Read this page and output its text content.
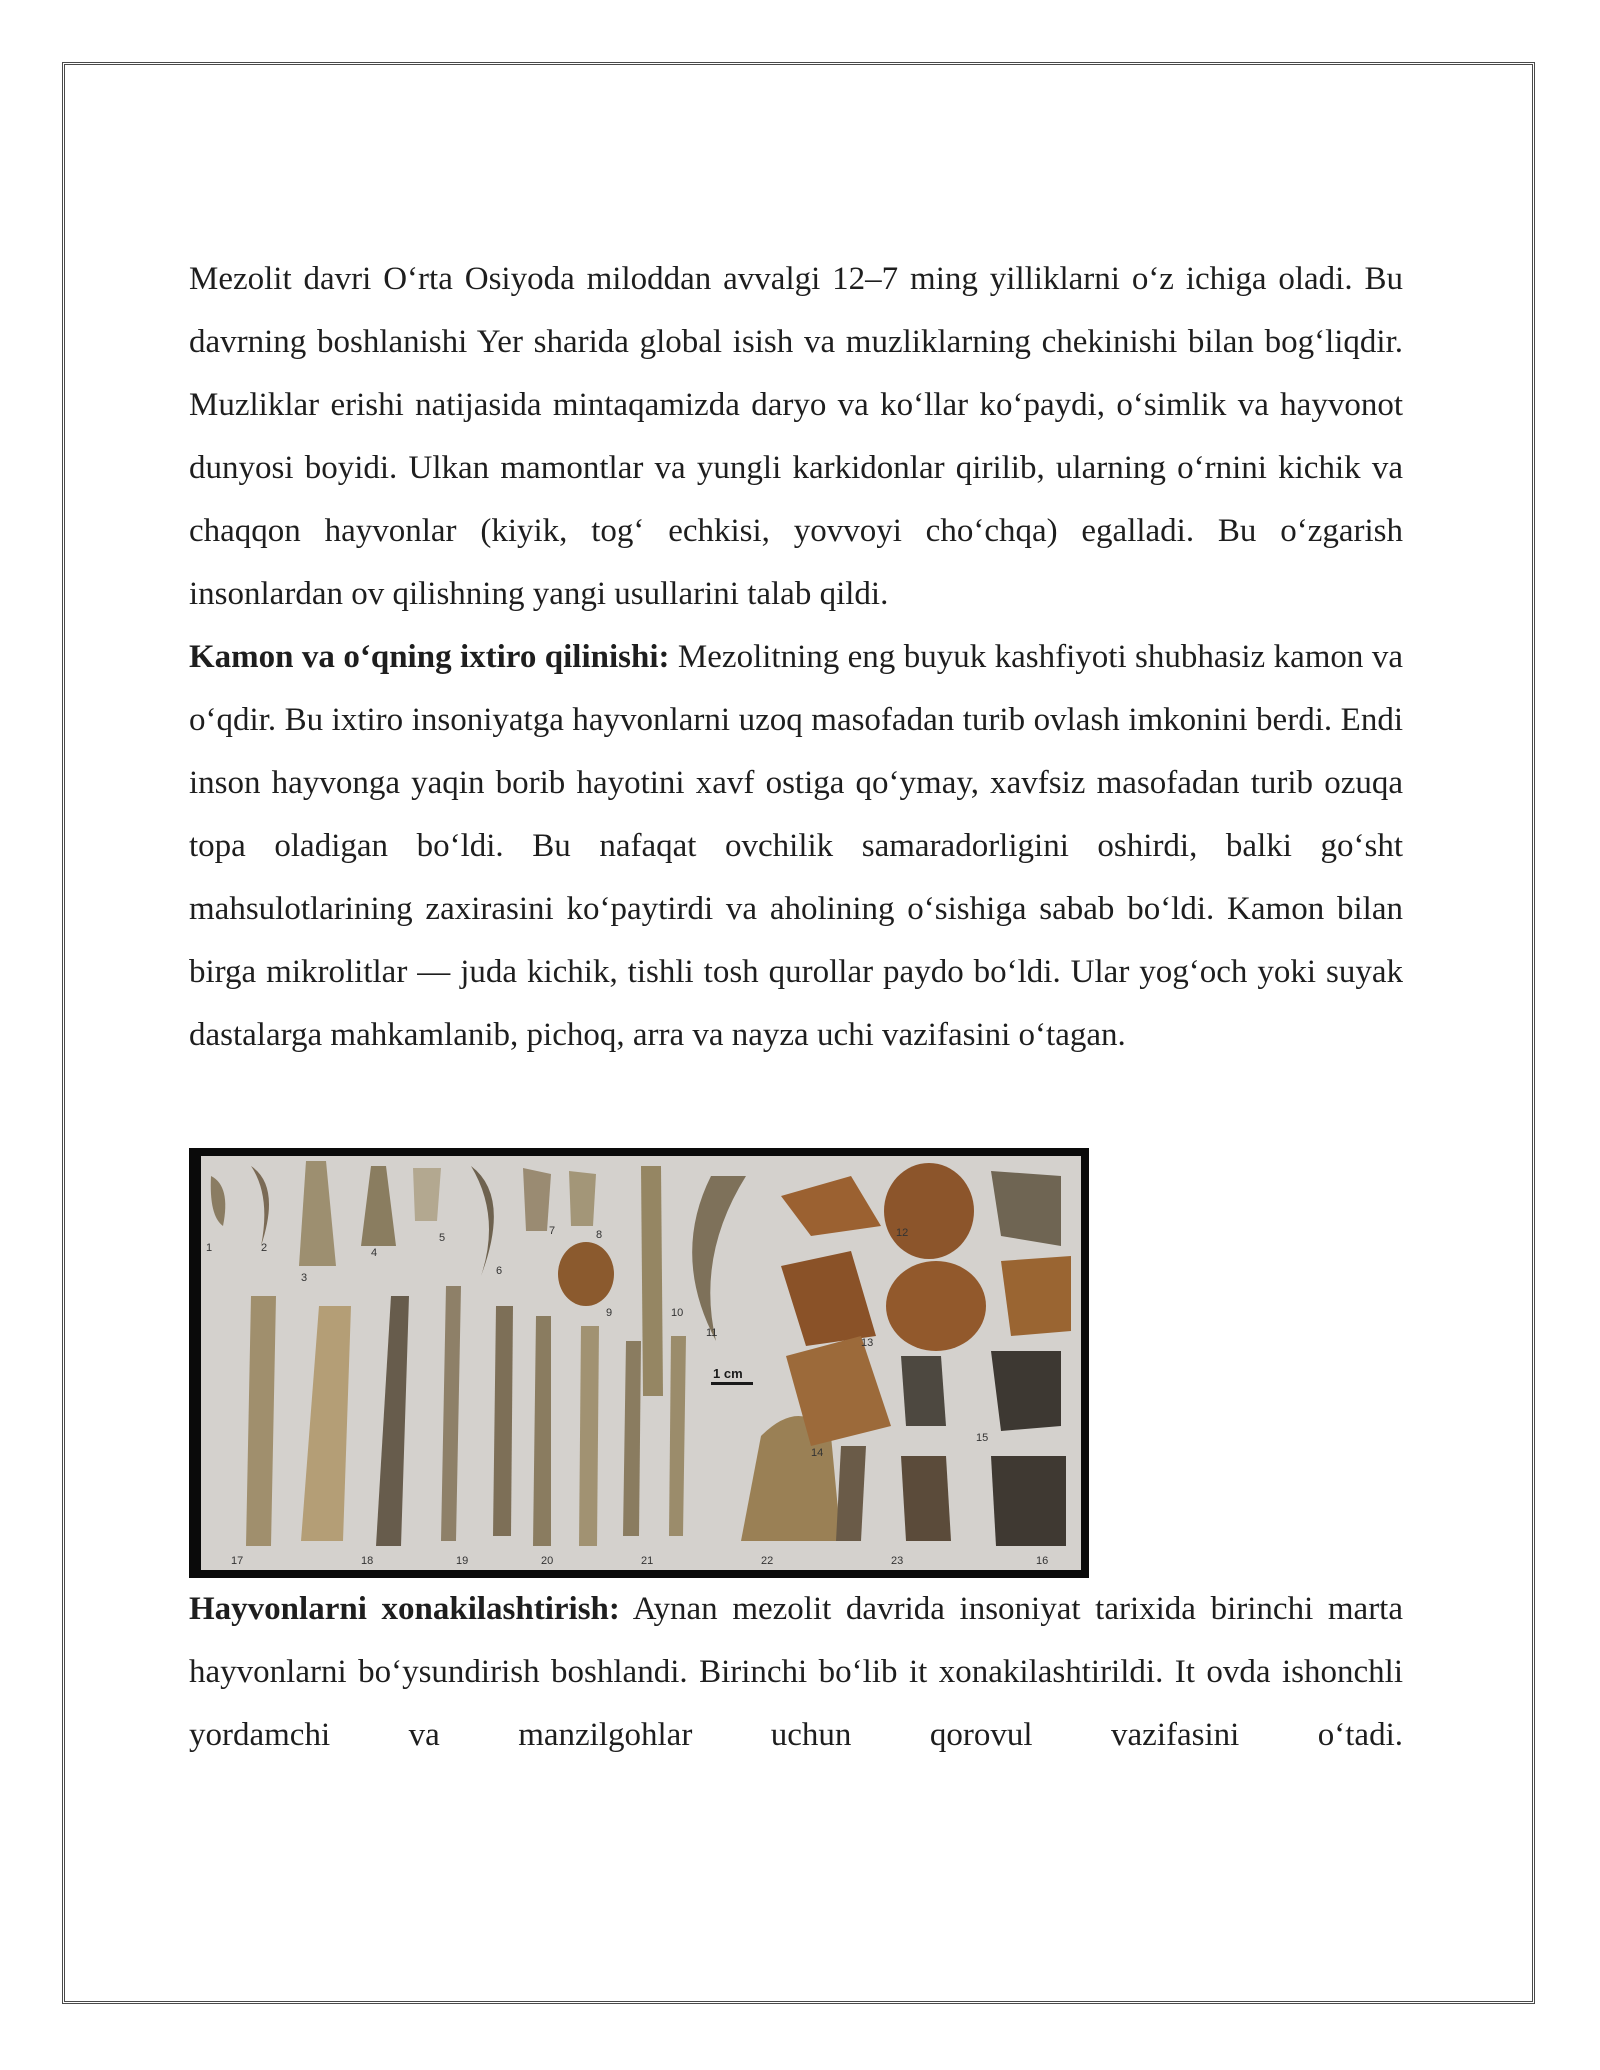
Mezolit davri O‘rta Osiyoda miloddan avvalgi 12–7 ming yilliklarni o‘z ichiga oladi. Bu davrning boshlanishi Yer sharida global isish va muzliklarning chekinishi bilan bog‘liqdir. Muzliklar erishi natijasida mintaqamizda daryo va ko‘llar ko‘paydi, o‘simlik va hayvonot dunyosi boyidi. Ulkan mamontlar va yungli karkidonlar qirilib, ularning o‘rnini kichik va chaqqon hayvonlar (kiyik, tog‘ echkisi, yovvoyi cho‘chqa) egalladi. Bu o‘zgarish insonlardan ov qilishning yangi usullarini talab qildi.

Kamon va o‘qning ixtiro qilinishi: Mezolitning eng buyuk kashfiyoti shubhasiz kamon va o‘qdir. Bu ixtiro insoniyatga hayvonlarni uzoq masofadan turib ovlash imkonini berdi. Endi inson hayvonga yaqin borib hayotini xavf ostiga qo‘ymay, xavfsiz masofadan turib ozuqa topa oladigan bo‘ldi. Bu nafaqat ovchilik samaradorligini oshirdi, balki go‘sht mahsulotlarining zaxirasini ko‘paytirdi va aholining o‘sishiga sabab bo‘ldi. Kamon bilan birga mikrolitlar — juda kichik, tishli tosh qurollar paydo bo‘ldi. Ular yog‘och yoki suyak dastalarga mahkamlanib, pichoq, arra va nayza uchi vazifasini o‘tagan.

1 cm
1	2
3
4
5
6
7	8
9	10
11
12
13
14
15
17	18	19	20	21	22	23	16

Hayvonlarni xonakilashtirish: Aynan mezolit davrida insoniyat tarixida birinchi marta hayvonlarni bo‘ysundirish boshlandi. Birinchi bo‘lib it xonakilashtirildi. It ovda ishonchli yordamchi va manzilgohlar uchun qorovul vazifasini o‘tadi.
